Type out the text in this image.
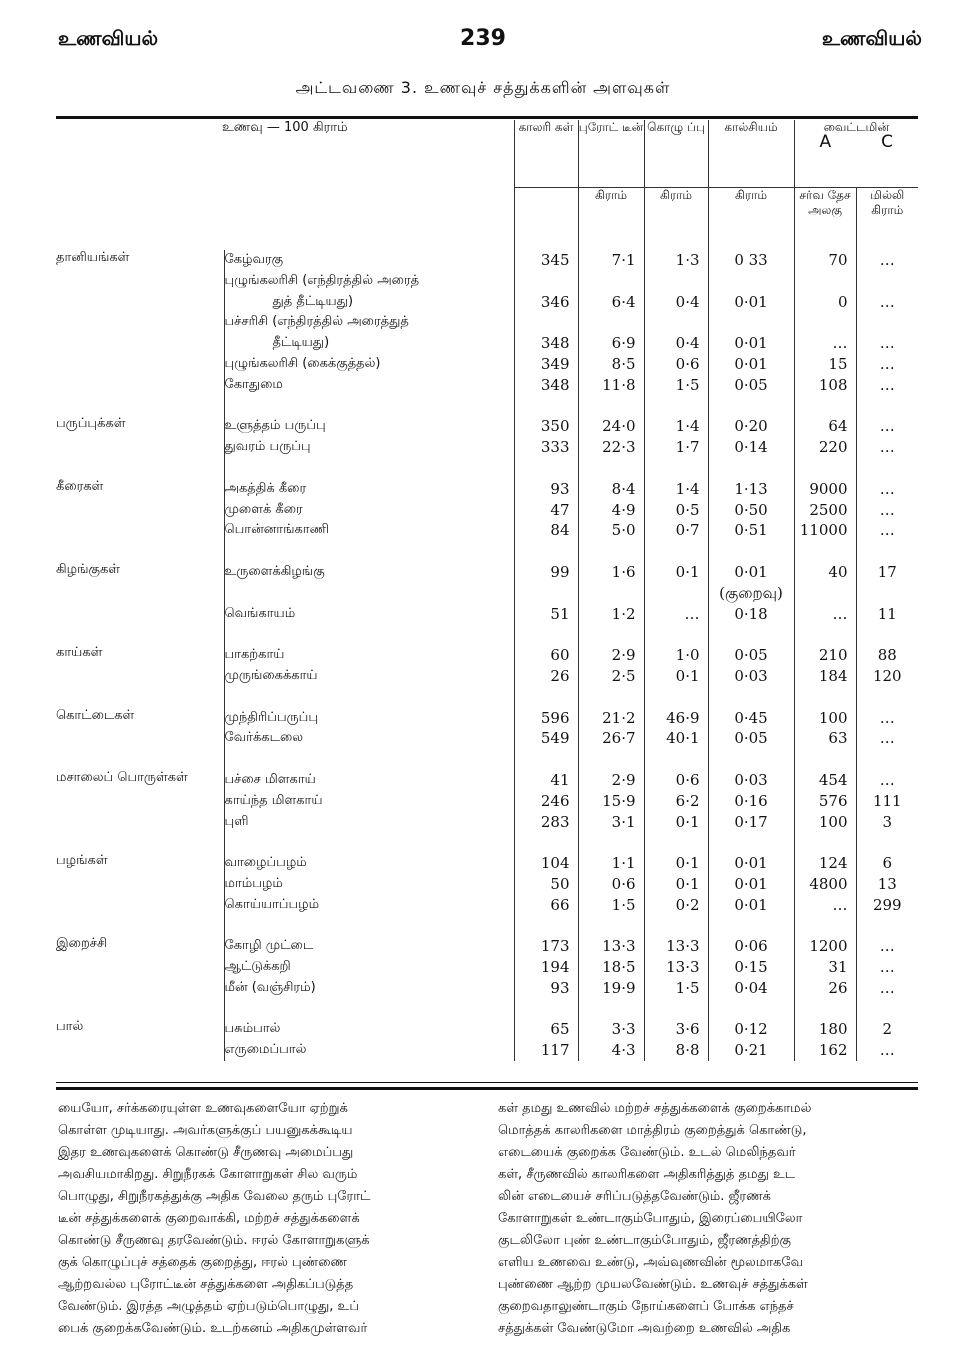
உணவியல்	239	உணவியல்
அட்டவணை 3. உணவுச் சத்துக்களின் அளவுகள்
உணவு — 100 கிராம்		காலரி கள்	புரோட் டீன்	கொழு ப்பு	கால்சியம்	வைட்டமின்
A C	

			கிராம்	கிராம்	கிராம்	சர்வ தேச அலகு	மில்லி கிராம்
தானியங்கள்	கேழ்வரகு	345	7·1	1·3	0 33	70	…
	புழுங்கலரிசி (எந்திரத்தில் அரைத்						
	துத் தீட்டியது)	346	6·4	0·4	0·01	0	…
	பச்சரிசி (எந்திரத்தில் அரைத்துத்						
	தீட்டியது)	348	6·9	0·4	0·01	…	…
	புழுங்கலரிசி (கைக்குத்தல்)	349	8·5	0·6	0·01	15	…
	கோதுமை	348	11·8	1·5	0·05	108	…

பருப்புக்கள்	உளுத்தம் பருப்பு	350	24·0	1·4	0·20	64	…
	துவரம் பருப்பு	333	22·3	1·7	0·14	220	…

கீரைகள்	அகத்திக் கீரை	93	8·4	1·4	1·13	9000	…
	முளைக் கீரை	47	4·9	0·5	0·50	2500	…
	பொன்னாங்காணி	84	5·0	0·7	0·51	11000	…

கிழங்குகள்	உருளைக்கிழங்கு	99	1·6	0·1	0·01	40	17
					(குறைவு)		
	வெங்காயம்	51	1·2	…	0·18	…	11

காய்கள்	பாகற்காய்	60	2·9	1·0	0·05	210	88
	முருங்கைக்காய்	26	2·5	0·1	0·03	184	120

கொட்டைகள்	முந்திரிப்பருப்பு	596	21·2	46·9	0·45	100	…
	வேர்க்கடலை	549	26·7	40·1	0·05	63	…

மசாலைப் பொருள்கள்	பச்சை மிளகாய்	41	2·9	0·6	0·03	454	…
	காய்ந்த மிளகாய்	246	15·9	6·2	0·16	576	111
	புளி	283	3·1	0·1	0·17	100	3

பழங்கள்	வாழைப்பழம்	104	1·1	0·1	0·01	124	6
	மாம்பழம்	50	0·6	0·1	0·01	4800	13
	கொய்யாப்பழம்	66	1·5	0·2	0·01	…	299

இறைச்சி	கோழி முட்டை	173	13·3	13·3	0·06	1200	…
	ஆட்டுக்கறி	194	18·5	13·3	0·15	31	…
	மீன் (வஞ்சிரம்)	93	19·9	1·5	0·04	26	…

பால்	பசும்பால்	65	3·3	3·6	0·12	180	2
	எருமைப்பால்	117	4·3	8·8	0·21	162	…
யையோ, சர்க்கரையுள்ள உணவுகளையோ ஏற்றுக்
கொள்ள முடியாது. அவர்களுக்குப் பயனுகக்கூடிய
இதர உணவுகளைக் கொண்டு சீருணவு அமைப்பது
அவசியமாகிறது. சிறுநீரகக் கோளாறுகள் சில வரும்
பொழுது, சிறுநீரகத்துக்கு அதிக வேலை தரும் புரோட்
டீன் சத்துக்களைக் குறைவாக்கி, மற்றச் சத்துக்களைக்
கொண்டு சீருணவு தரவேண்டும். ஈரல் கோளாறுகளுக்
குக் கொழுப்புச் சத்தைக் குறைத்து, ஈரல் புண்ணை
ஆற்றவல்ல புரோட்டீன் சத்துக்களை அதிகப்படுத்த
வேண்டும். இரத்த அழுத்தம் ஏற்படும்பொழுது, உப்
பைக் குறைக்கவேண்டும். உடற்கனம் அதிகமுள்ளவர்
கள் தமது உணவில் மற்றச் சத்துக்களைக் குறைக்காமல்
மொத்தக் காலரிகளை மாத்திரம் குறைத்துக் கொண்டு,
எடையைக் குறைக்க வேண்டும். உடல் மெலிந்தவர்
கள், சீருணவில் காலரிகளை அதிகரித்துத் தமது உட
லின் எடையைச் சரிப்படுத்தவேண்டும். ஜீரணக்
கோளாறுகள் உண்டாகும்போதும், இரைப்பையிலோ
குடலிலோ புண் உண்டாகும்போதும், ஜீரணத்திற்கு
எளிய உணவை உண்டு, அவ்வுணவின் மூலமாகவே
புண்ணை ஆற்ற முயலவேண்டும். உணவுச் சத்துக்கள்
குறைவதாலுண்டாகும் நோய்களைப் போக்க எந்தச்
சத்துக்கள் வேண்டுமோ அவற்றை உணவில் அதிக
